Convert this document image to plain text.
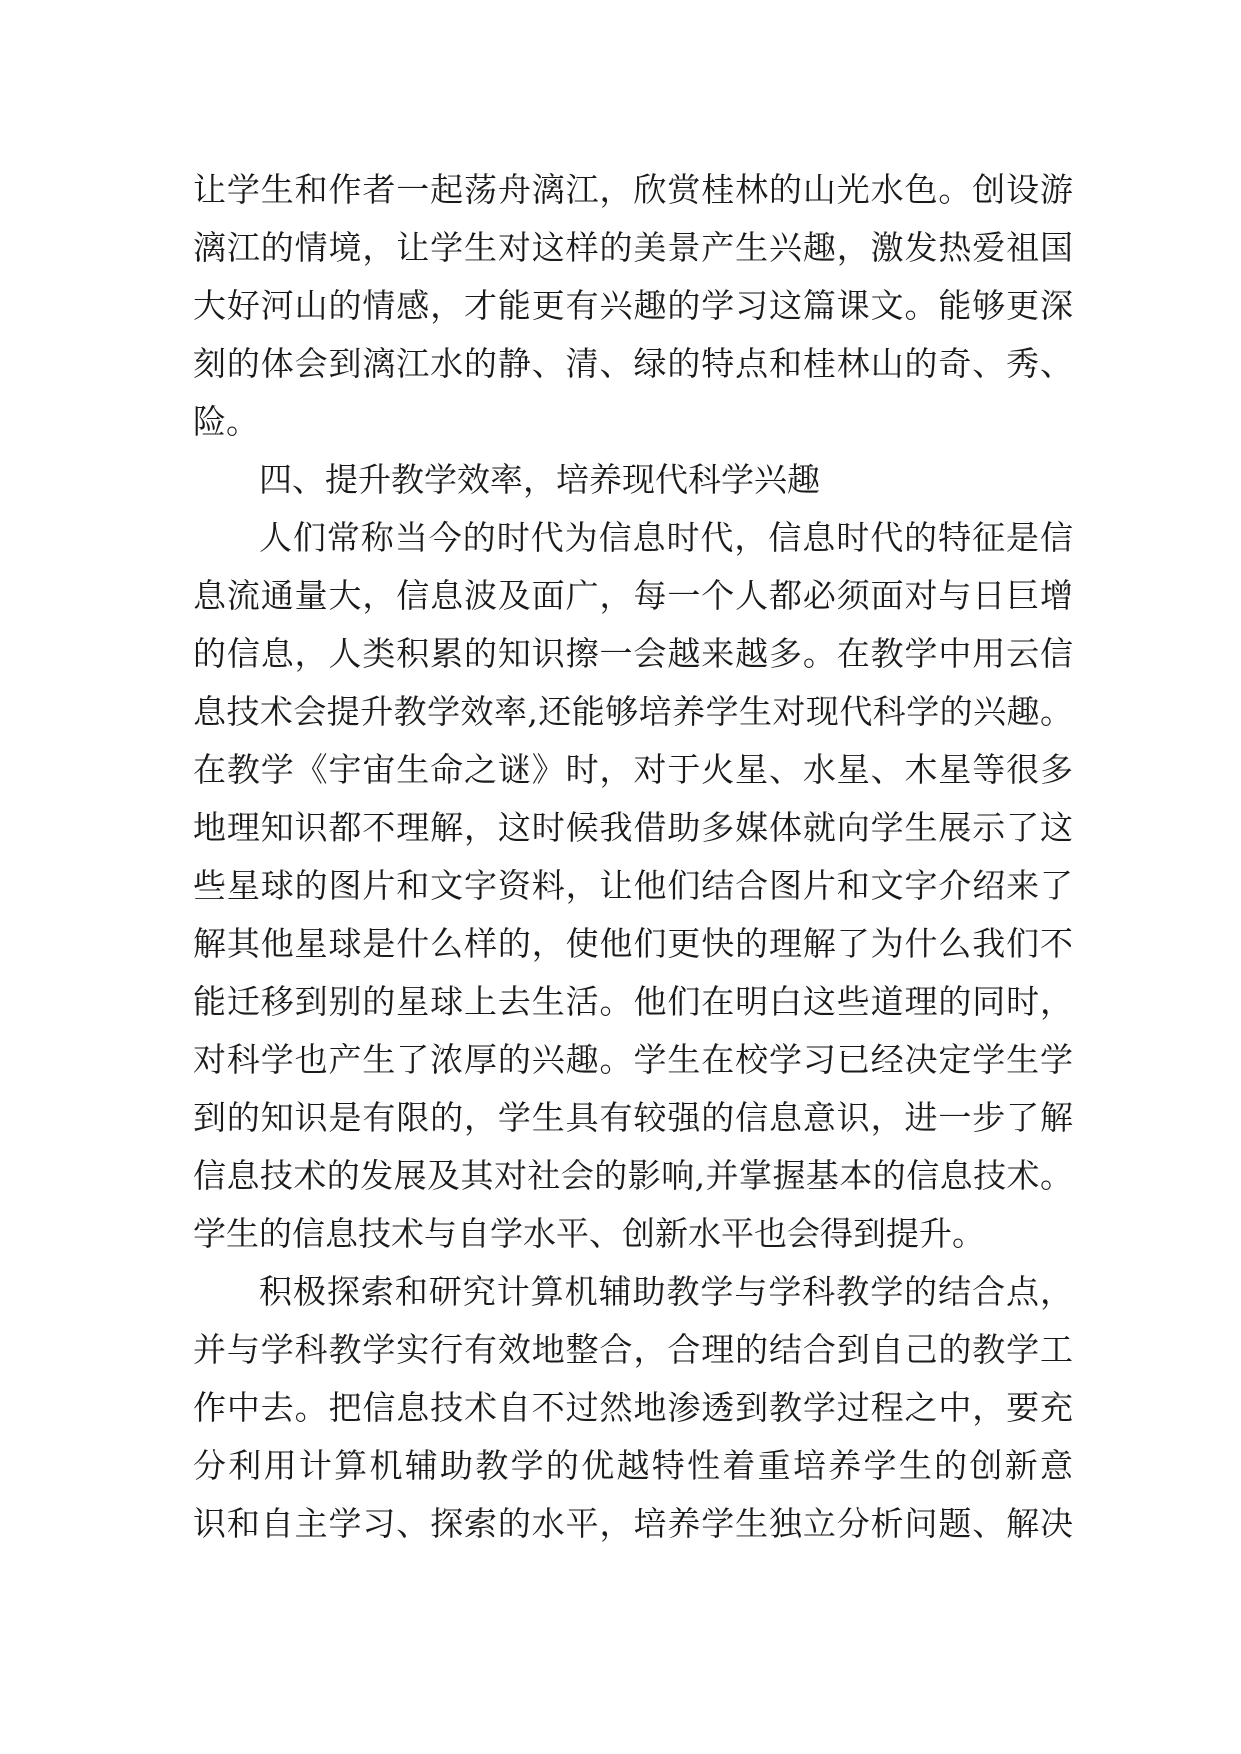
让学生和作者一起荡舟漓江，欣赏桂林的山光水色。创设游
漓江的情境，让学生对这样的美景产生兴趣，激发热爱祖国
大好河山的情感，才能更有兴趣的学习这篇课文。能够更深
刻的体会到漓江水的静、清、绿的特点和桂林山的奇、秀、
险。
四、提升教学效率，培养现代科学兴趣
人们常称当今的时代为信息时代，信息时代的特征是信
息流通量大，信息波及面广，每一个人都必须面对与日巨增
的信息，人类积累的知识擦一会越来越多。在教学中用云信
息技术会提升教学效率,还能够培养学生对现代科学的兴趣。
在教学《宇宙生命之谜》时，对于火星、水星、木星等很多
地理知识都不理解，这时候我借助多媒体就向学生展示了这
些星球的图片和文字资料，让他们结合图片和文字介绍来了
解其他星球是什么样的，使他们更快的理解了为什么我们不
能迁移到别的星球上去生活。他们在明白这些道理的同时，
对科学也产生了浓厚的兴趣。学生在校学习已经决定学生学
到的知识是有限的，学生具有较强的信息意识，进一步了解
信息技术的发展及其对社会的影响,并掌握基本的信息技术。
学生的信息技术与自学水平、创新水平也会得到提升。
积极探索和研究计算机辅助教学与学科教学的结合点，
并与学科教学实行有效地整合，合理的结合到自己的教学工
作中去。把信息技术自不过然地渗透到教学过程之中，要充
分利用计算机辅助教学的优越特性着重培养学生的创新意
识和自主学习、探索的水平，培养学生独立分析问题、解决
